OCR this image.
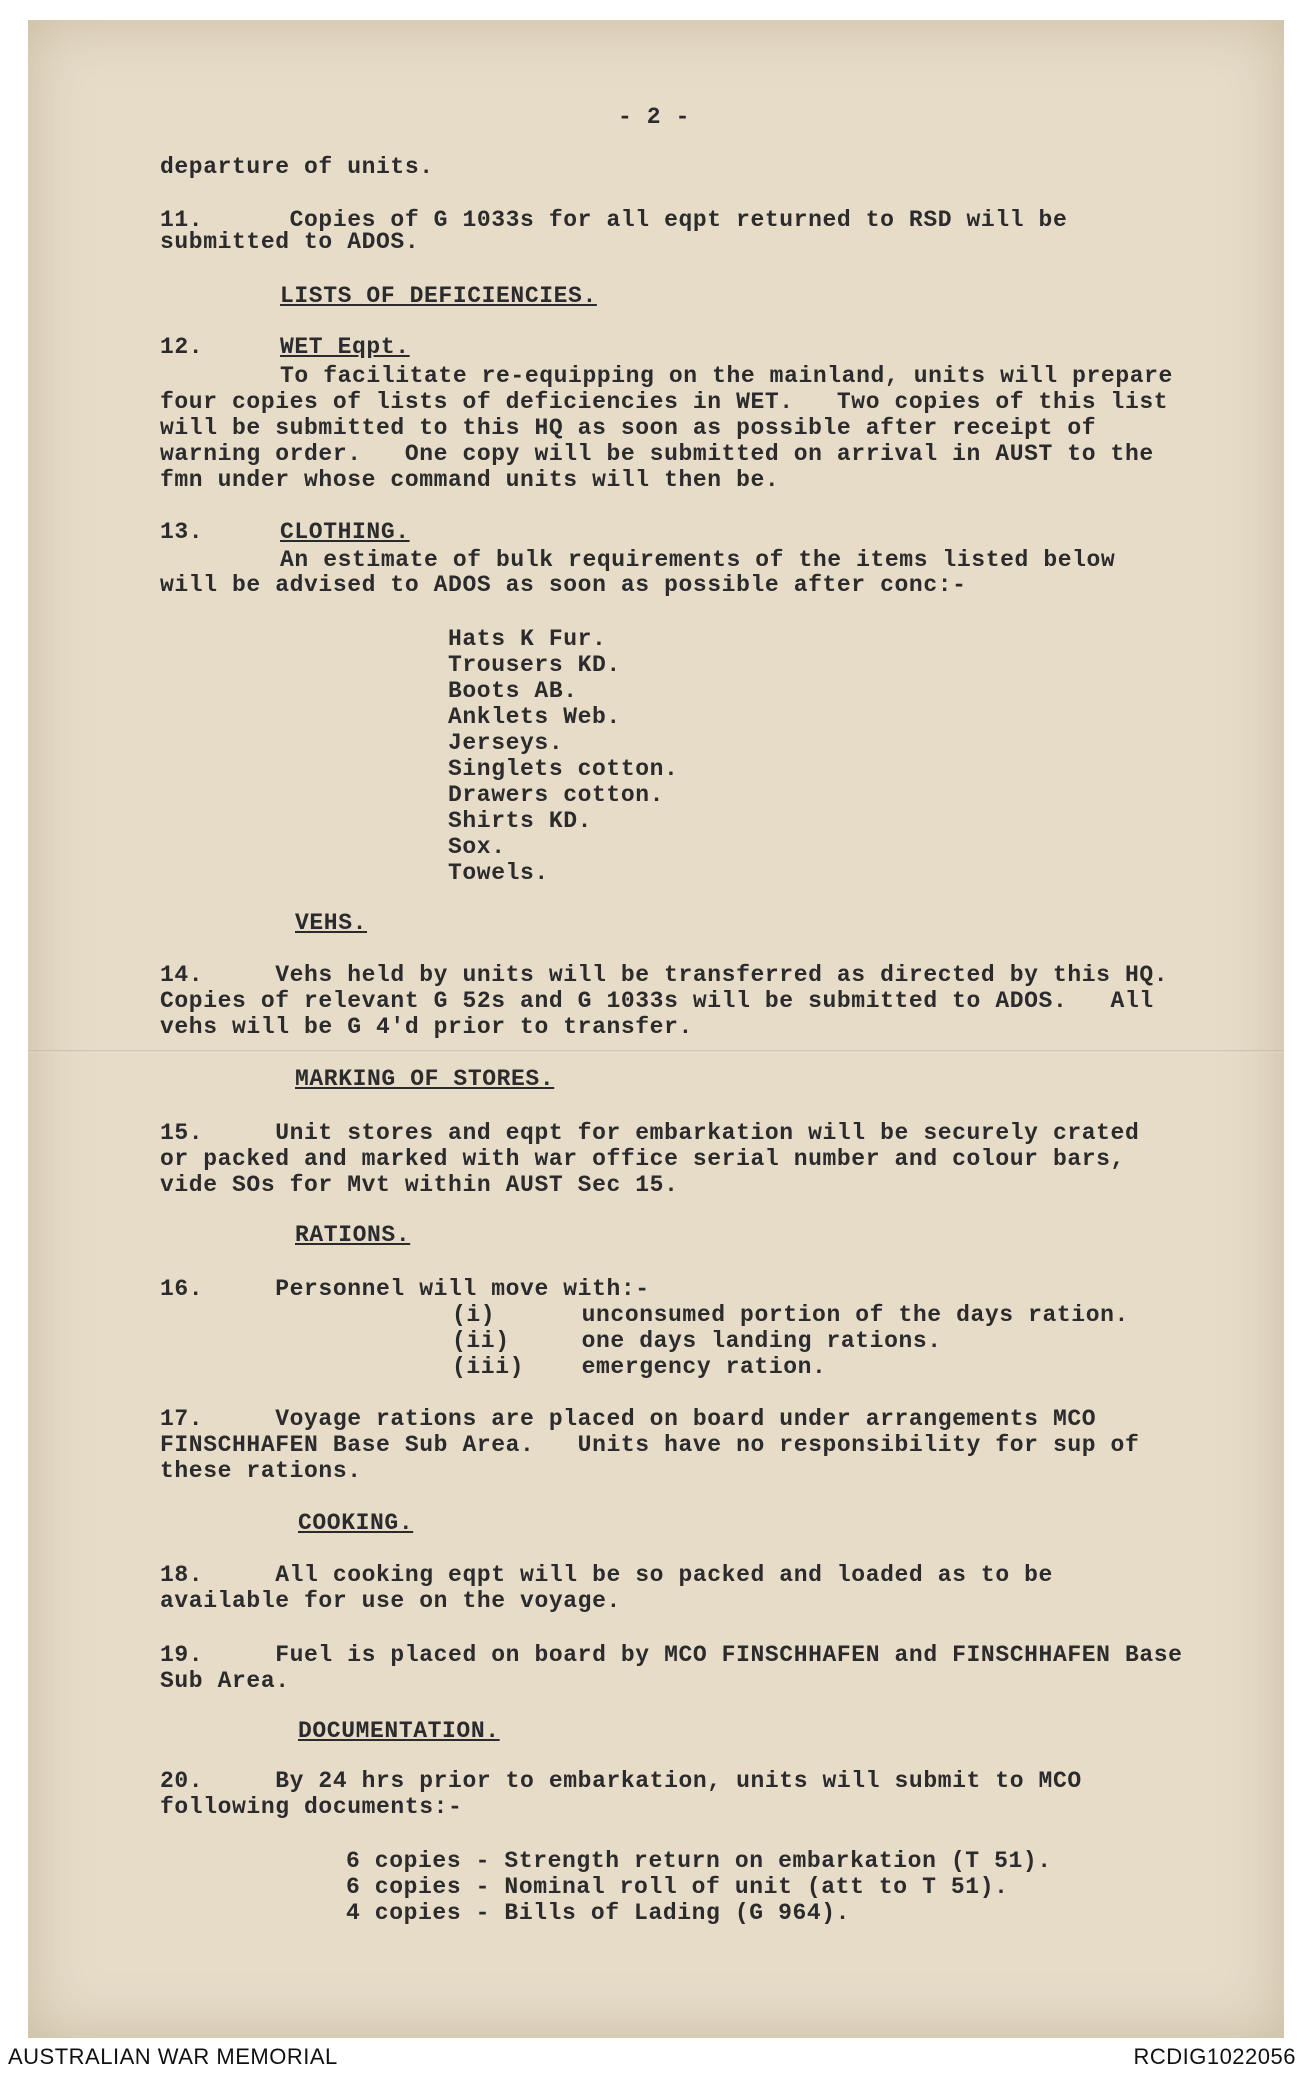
- 2 -
departure of units.
11.      Copies of G 1033s for all eqpt returned to RSD will be
submitted to ADOS.
LISTS OF DEFICIENCIES.
12.	WET Eqpt.
To facilitate re-equipping on the mainland, units will prepare
four copies of lists of deficiencies in WET.   Two copies of this list
will be submitted to this HQ as soon as possible after receipt of
warning order.   One copy will be submitted on arrival in AUST to the
fmn under whose command units will then be.
13.	CLOTHING.
An estimate of bulk requirements of the items listed below
will be advised to ADOS as soon as possible after conc:-
Hats K Fur.
Trousers KD.
Boots AB.
Anklets Web.
Jerseys.
Singlets cotton.
Drawers cotton.
Shirts KD.
Sox.
Towels.
VEHS.
14.     Vehs held by units will be transferred as directed by this HQ.
Copies of relevant G 52s and G 1033s will be submitted to ADOS.   All
vehs will be G 4'd prior to transfer.
MARKING OF STORES.
15.     Unit stores and eqpt for embarkation will be securely crated
or packed and marked with war office serial number and colour bars,
vide SOs for Mvt within AUST Sec 15.
RATIONS.
16.     Personnel will move with:-
(i)      unconsumed portion of the days ration.
(ii)     one days landing rations.
(iii)    emergency ration.
17.     Voyage rations are placed on board under arrangements MCO
FINSCHHAFEN Base Sub Area.   Units have no responsibility for sup of
these rations.
COOKING.
18.     All cooking eqpt will be so packed and loaded as to be
available for use on the voyage.
19.     Fuel is placed on board by MCO FINSCHHAFEN and FINSCHHAFEN Base
Sub Area.
DOCUMENTATION.
20.     By 24 hrs prior to embarkation, units will submit to MCO
following documents:-
6 copies - Strength return on embarkation (T 51).
6 copies - Nominal roll of unit (att to T 51).
4 copies - Bills of Lading (G 964).
AUSTRALIAN WAR MEMORIAL	RCDIG1022056
